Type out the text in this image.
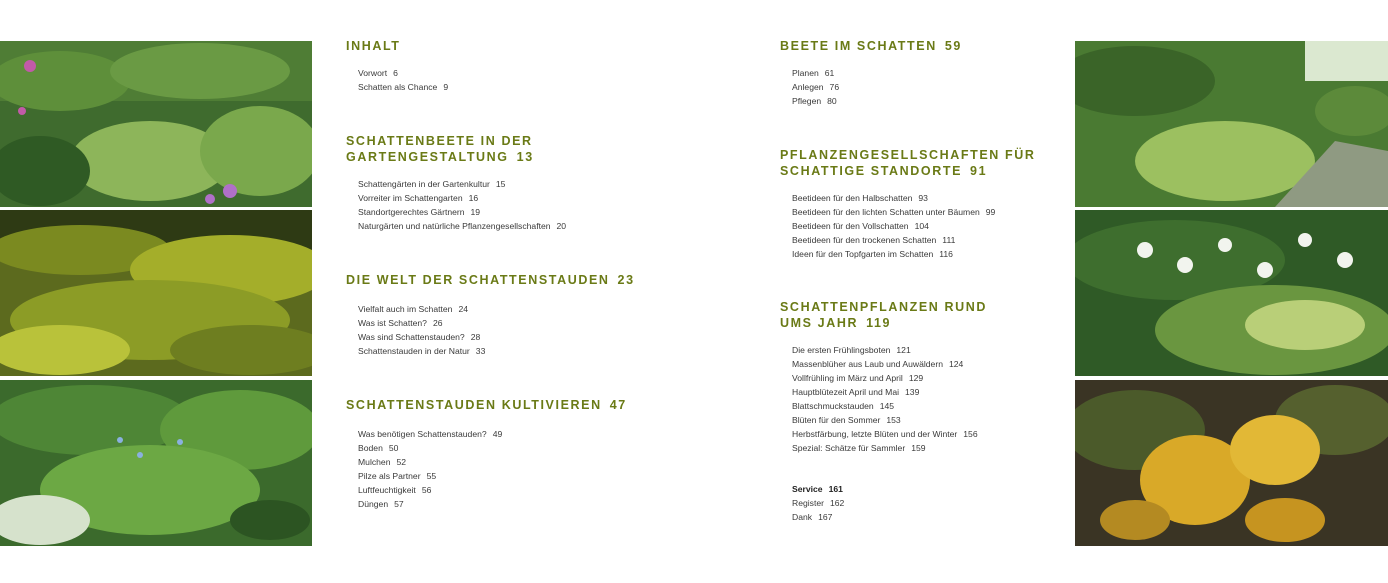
INHALT
Vorwort 6
Schatten als Chance 9
SCHATTENBEETE IN DER
GARTENGESTALTUNG 13
Schattengärten in der Gartenkultur 15
Vorreiter im Schattengarten 16
Standortgerechtes Gärtnern 19
Naturgärten und natürliche Pflanzengesellschaften 20
DIE WELT DER SCHATTENSTAUDEN 23
Vielfalt auch im Schatten 24
Was ist Schatten? 26
Was sind Schattenstauden? 28
Schattenstauden in der Natur 33
SCHATTENSTAUDEN KULTIVIEREN 47
Was benötigen Schattenstauden? 49
Boden 50
Mulchen 52
Pilze als Partner 55
Luftfeuchtigkeit 56
Düngen 57
BEETE IM SCHATTEN 59
Planen 61
Anlegen 76
Pflegen 80
PFLANZENGESELLSCHAFTEN FÜR
SCHATTIGE STANDORTE 91
Beetideen für den Halbschatten 93
Beetideen für den lichten Schatten unter Bäumen 99
Beetideen für den Vollschatten 104
Beetideen für den trockenen Schatten 111
Ideen für den Topfgarten im Schatten 116
SCHATTENPFLANZEN RUND
UMS JAHR 119
Die ersten Frühlingsboten 121
Massenblüher aus Laub und Auwäldern 124
Vollfrühling im März und April 129
Hauptblütezeit April und Mai 139
Blattschmuckstauden 145
Blüten für den Sommer 153
Herbstfärbung, letzte Blüten und der Winter 156
Spezial: Schätze für Sammler 159
Service 161
Register 162
Dank 167
